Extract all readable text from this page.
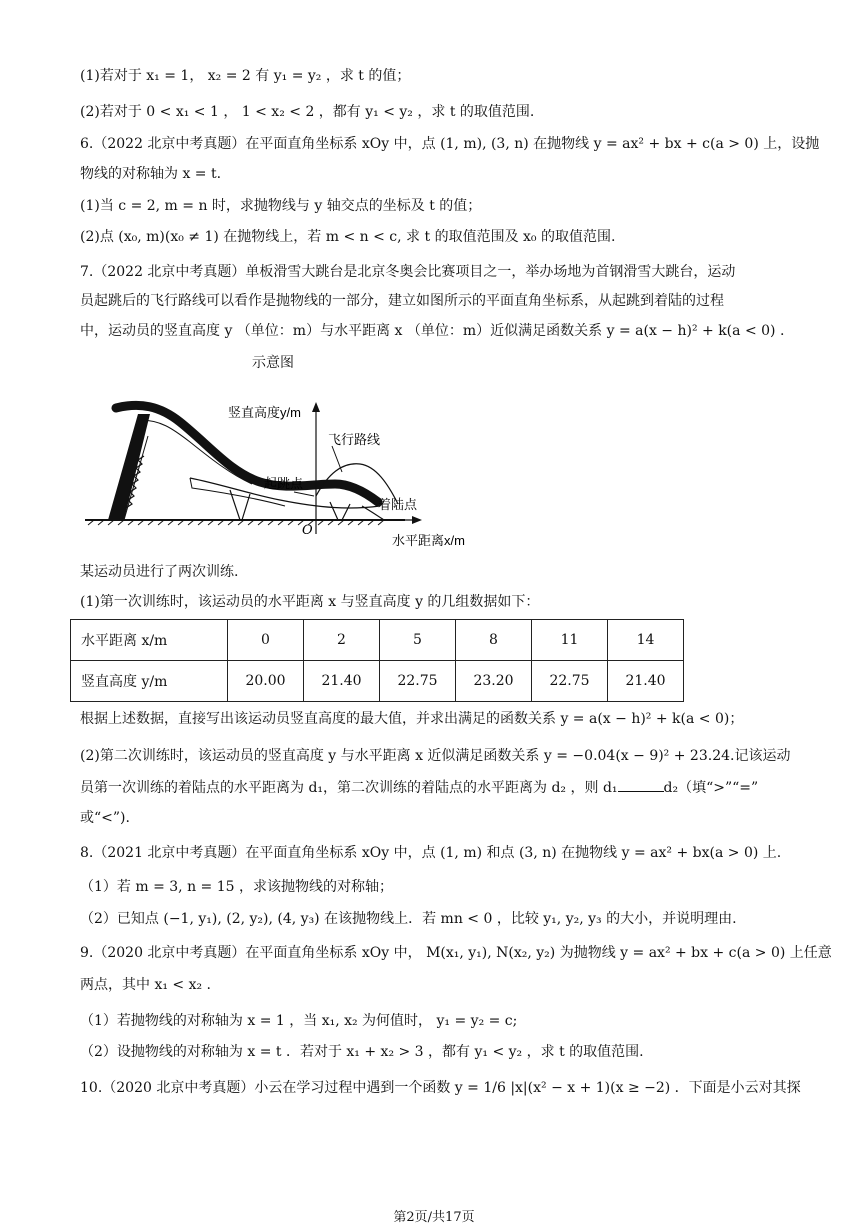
(1)若对于 x₁ = 1， x₂ = 2 有 y₁ = y₂ ，求 t 的值；
(2)若对于 0 < x₁ < 1 ， 1 < x₂ < 2 ，都有 y₁ < y₂ ，求 t 的取值范围.
6.（2022 北京中考真题）在平面直角坐标系 xOy 中，点 (1, m), (3, n) 在抛物线 y = ax² + bx + c(a > 0) 上，设抛
物线的对称轴为 x = t.
(1)当 c = 2, m = n 时，求抛物线与 y 轴交点的坐标及 t 的值；
(2)点 (x₀, m)(x₀ ≠ 1) 在抛物线上，若 m < n < c, 求 t 的取值范围及 x₀ 的取值范围.
7.（2022 北京中考真题）单板滑雪大跳台是北京冬奥会比赛项目之一，举办场地为首钢滑雪大跳台，运动
员起跳后的飞行路线可以看作是抛物线的一部分，建立如图所示的平面直角坐标系，从起跳到着陆的过程
中，运动员的竖直高度 y （单位：m）与水平距离 x （单位：m）近似满足函数关系 y = a(x − h)² + k(a < 0) .
示意图
竖直高度y/m
飞行路线
起跳点
着陆点
O
水平距离x/m
某运动员进行了两次训练.
(1)第一次训练时，该运动员的水平距离 x 与竖直高度 y 的几组数据如下：
水平距离 x/m	0	2	5	8	11	14
竖直高度 y/m	20.00	21.40	22.75	23.20	22.75	21.40
根据上述数据，直接写出该运动员竖直高度的最大值，并求出满足的函数关系 y = a(x − h)² + k(a < 0)；
(2)第二次训练时，该运动员的竖直高度 y 与水平距离 x 近似满足函数关系 y = −0.04(x − 9)² + 23.24.记该运动
员第一次训练的着陆点的水平距离为 d₁，第二次训练的着陆点的水平距离为 d₂ ，则 d₁	d₂（填“>”“=”
或“<”).
8.（2021 北京中考真题）在平面直角坐标系 xOy 中，点 (1, m) 和点 (3, n) 在抛物线 y = ax² + bx(a > 0) 上.
（1）若 m = 3, n = 15 ，求该抛物线的对称轴；
（2）已知点 (−1, y₁), (2, y₂), (4, y₃) 在该抛物线上．若 mn < 0 ，比较 y₁, y₂, y₃ 的大小，并说明理由.
9.（2020 北京中考真题）在平面直角坐标系 xOy 中， M(x₁, y₁), N(x₂, y₂) 为抛物线 y = ax² + bx + c(a > 0) 上任意
两点，其中 x₁ < x₂ .
（1）若抛物线的对称轴为 x = 1 ，当 x₁, x₂ 为何值时， y₁ = y₂ = c;
（2）设抛物线的对称轴为 x = t ．若对于 x₁ + x₂ > 3 ，都有 y₁ < y₂ ，求 t 的取值范围.
10.（2020 北京中考真题）小云在学习过程中遇到一个函数 y = 1/6 |x|(x² − x + 1)(x ≥ −2) ．下面是小云对其探
第2页/共17页
